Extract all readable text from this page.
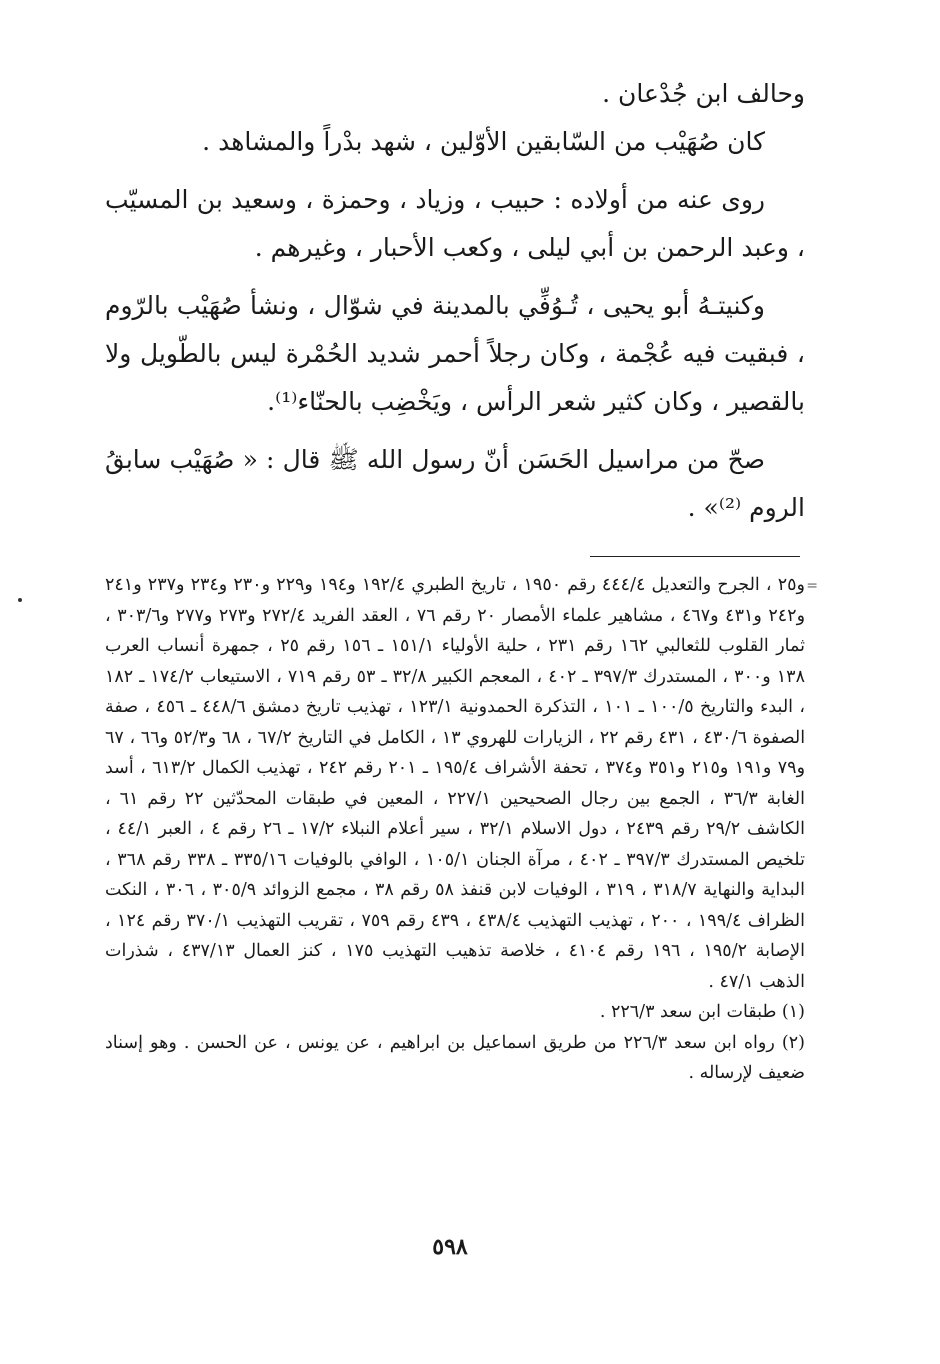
وحالف ابن جُدْعان .

كان صُهَيْب من السّابقين الأوّلين ، شهد بدْراً والمشاهد .

روى عنه من أولاده : حبيب ، وزياد ، وحمزة ، وسعيد بن المسيّب ، وعبد الرحمن بن أبي ليلى ، وكعب الأحبار ، وغيرهم .

وكنيتـهُ أبو يحيى ، تُـوُفِّي بالمدينة في شوّال ، ونشأ صُهَيْب بالرّوم ، فبقيت فيه عُجْمة ، وكان رجلاً أحمر شديد الحُمْرة ليس بالطّويل ولا بالقصير ، وكان كثير شعر الرأس ، ويَخْضِب بالحنّاء⁽¹⁾.

صحّ من مراسيل الحَسَن أنّ رسول الله ﷺ قال : « صُهَيْب سابقُ الروم ⁽²⁾» .

=

و٢٥ ، الجرح والتعديل ٤٤٤/٤ رقم ١٩٥٠ ، تاريخ الطبري ١٩٢/٤ و١٩٤ و٢٢٩ و٢٣٠ و٢٣٤ و٢٣٧ و٢٤١ و٢٤٢ و٤٣١ و٤٦٧ ، مشاهير علماء الأمصار ٢٠ رقم ٧٦ ، العقد الفريد ٢٧٢/٤ و٢٧٣ و٢٧٧ و٣٠٣/٦ ، ثمار القلوب للثعالبي ١٦٢ رقم ٢٣١ ، حلية الأولياء ١٥١/١ ـ ١٥٦ رقم ٢٥ ، جمهرة أنساب العرب ١٣٨ و٣٠٠ ، المستدرك ٣٩٧/٣ ـ ٤٠٢ ، المعجم الكبير ٣٢/٨ ـ ٥٣ رقم ٧١٩ ، الاستيعاب ١٧٤/٢ ـ ١٨٢ ، البدء والتاريخ ١٠٠/٥ ـ ١٠١ ، التذكرة الحمدونية ١٢٣/١ ، تهذيب تاريخ دمشق ٤٤٨/٦ ـ ٤٥٦ ، صفة الصفوة ٤٣٠/٦ ، ٤٣١ رقم ٢٢ ، الزيارات للهروي ١٣ ، الكامل في التاريخ ٦٧/٢ ، ٦٨ و٥٢/٣ و٦٦ ، ٦٧ و٧٩ و١٩١ و٢١٥ و٣٥١ و٣٧٤ ، تحفة الأشراف ١٩٥/٤ ـ ٢٠١ رقم ٢٤٢ ، تهذيب الكمال ٦١٣/٢ ، أسد الغابة ٣٦/٣ ، الجمع بين رجال الصحيحين ٢٢٧/١ ، المعين في طبقات المحدّثين ٢٢ رقم ٦١ ، الكاشف ٢٩/٢ رقم ٢٤٣٩ ، دول الاسلام ٣٢/١ ، سير أعلام النبلاء ١٧/٢ ـ ٢٦ رقم ٤ ، العبر ٤٤/١ ، تلخيص المستدرك ٣٩٧/٣ ـ ٤٠٢ ، مرآة الجنان ١٠٥/١ ، الوافي بالوفيات ٣٣٥/١٦ ـ ٣٣٨ رقم ٣٦٨ ، البداية والنهاية ٣١٨/٧ ، ٣١٩ ، الوفيات لابن قنفذ ٥٨ رقم ٣٨ ، مجمع الزوائد ٣٠٥/٩ ، ٣٠٦ ، النكت الظراف ١٩٩/٤ ، ٢٠٠ ، تهذيب التهذيب ٤٣٨/٤ ، ٤٣٩ رقم ٧٥٩ ، تقريب التهذيب ٣٧٠/١ رقم ١٢٤ ، الإصابة ١٩٥/٢ ، ١٩٦ رقم ٤١٠٤ ، خلاصة تذهيب التهذيب ١٧٥ ، كنز العمال ٤٣٧/١٣ ، شذرات الذهب ٤٧/١ .

(١) طبقات ابن سعد ٢٢٦/٣ .

(٢) رواه ابن سعد ٢٢٦/٣ من طريق اسماعيل بن ابراهيم ، عن يونس ، عن الحسن . وهو إسناد ضعيف لإرساله .

٥٩٨
